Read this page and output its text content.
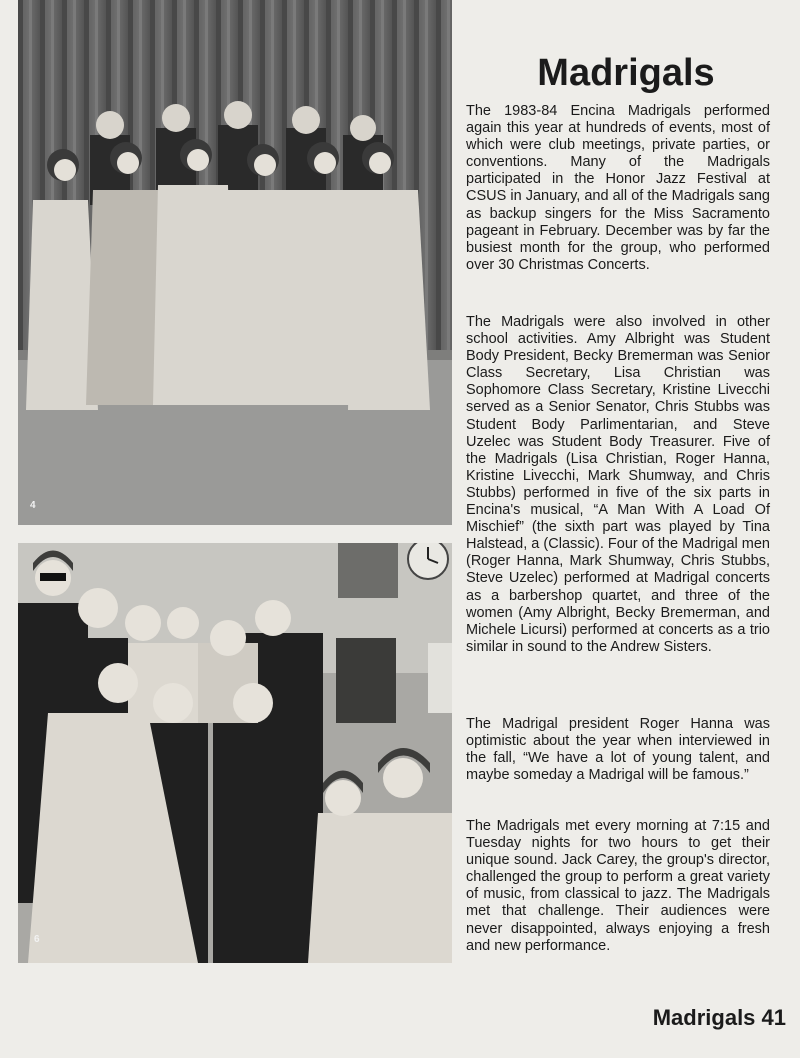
4
6
Madrigals

The 1983-84 Encina Madrigals performed again this year at hundreds of events, most of which were club meetings, private parties, or conventions. Many of the Madrigals participated in the Honor Jazz Festival at CSUS in January, and all of the Madrigals sang as backup singers for the Miss Sacramento pageant in February. December was by far the busiest month for the group, who performed over 30 Christmas Concerts.

The Madrigals were also involved in other school activities. Amy Albright was Student Body President, Becky Bremerman was Senior Class Secretary, Lisa Christian was Sophomore Class Secretary, Kristine Livecchi served as a Senior Senator, Chris Stubbs was Student Body Parlimentarian, and Steve Uzelec was Student Body Treasurer. Five of the Madrigals (Lisa Christian, Roger Hanna, Kristine Livecchi, Mark Shumway, and Chris Stubbs) performed in five of the six parts in Encina's musical, “A Man With A Load Of Mischief” (the sixth part was played by Tina Halstead, a (Classic). Four of the Madrigal men (Roger Hanna, Mark Shumway, Chris Stubbs, Steve Uzelec) performed at Madrigal concerts as a barbershop quartet, and three of the women (Amy Albright, Becky Bremerman, and Michele Licursi) performed at concerts as a trio similar in sound to the Andrew Sisters.

The Madrigal president Roger Hanna was optimistic about the year when interviewed in the fall, “We have a lot of young talent, and maybe someday a Madrigal will be famous.”

The Madrigals met every morning at 7:15 and Tuesday nights for two hours to get their unique sound. Jack Carey, the group's director, challenged the group to perform a great variety of music, from classical to jazz. The Madrigals met that challenge. Their audiences were never disappointed, always enjoying a fresh and new performance.

Madrigals 41
